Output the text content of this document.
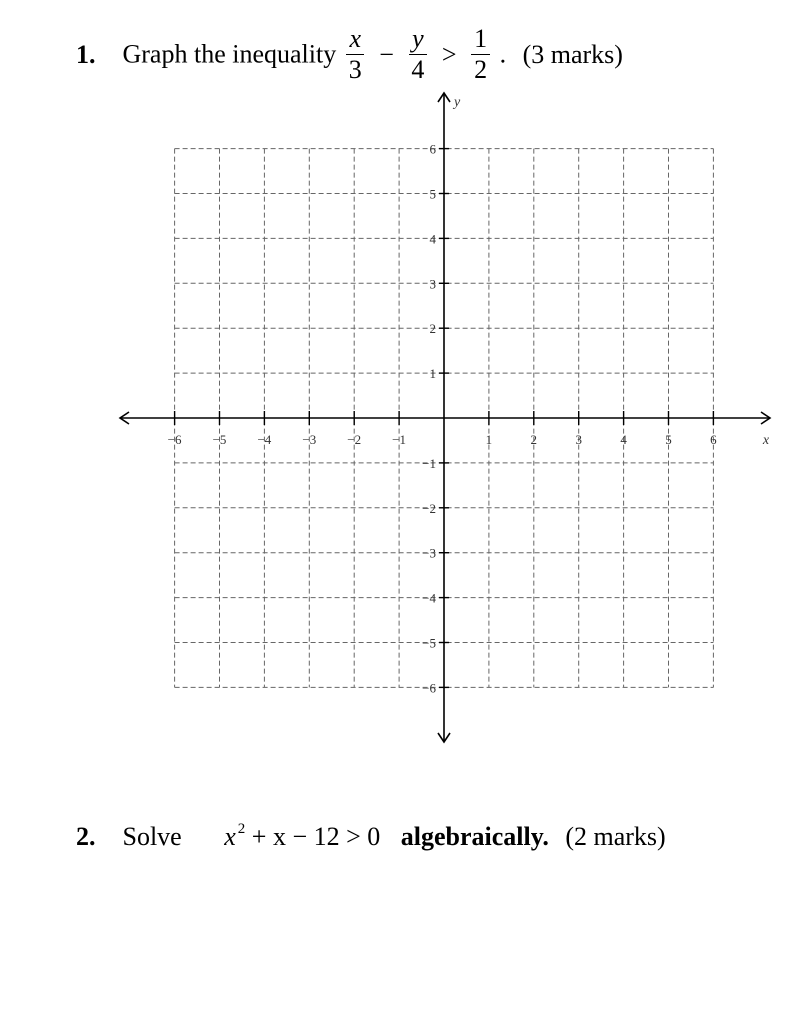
1. Graph the inequality $\frac{x}{3} - \frac{y}{4} > \frac{1}{2}$ . (3 marks)
−6 −5 −4 −3 −2 −1	1	2	3	4	5	6
−6
−5
−4
−3
−2
−1
1
2
3
4
5
6
x
y
2. Solve x $^2$ + x − 12 > 0 algebraically. (2 marks)
